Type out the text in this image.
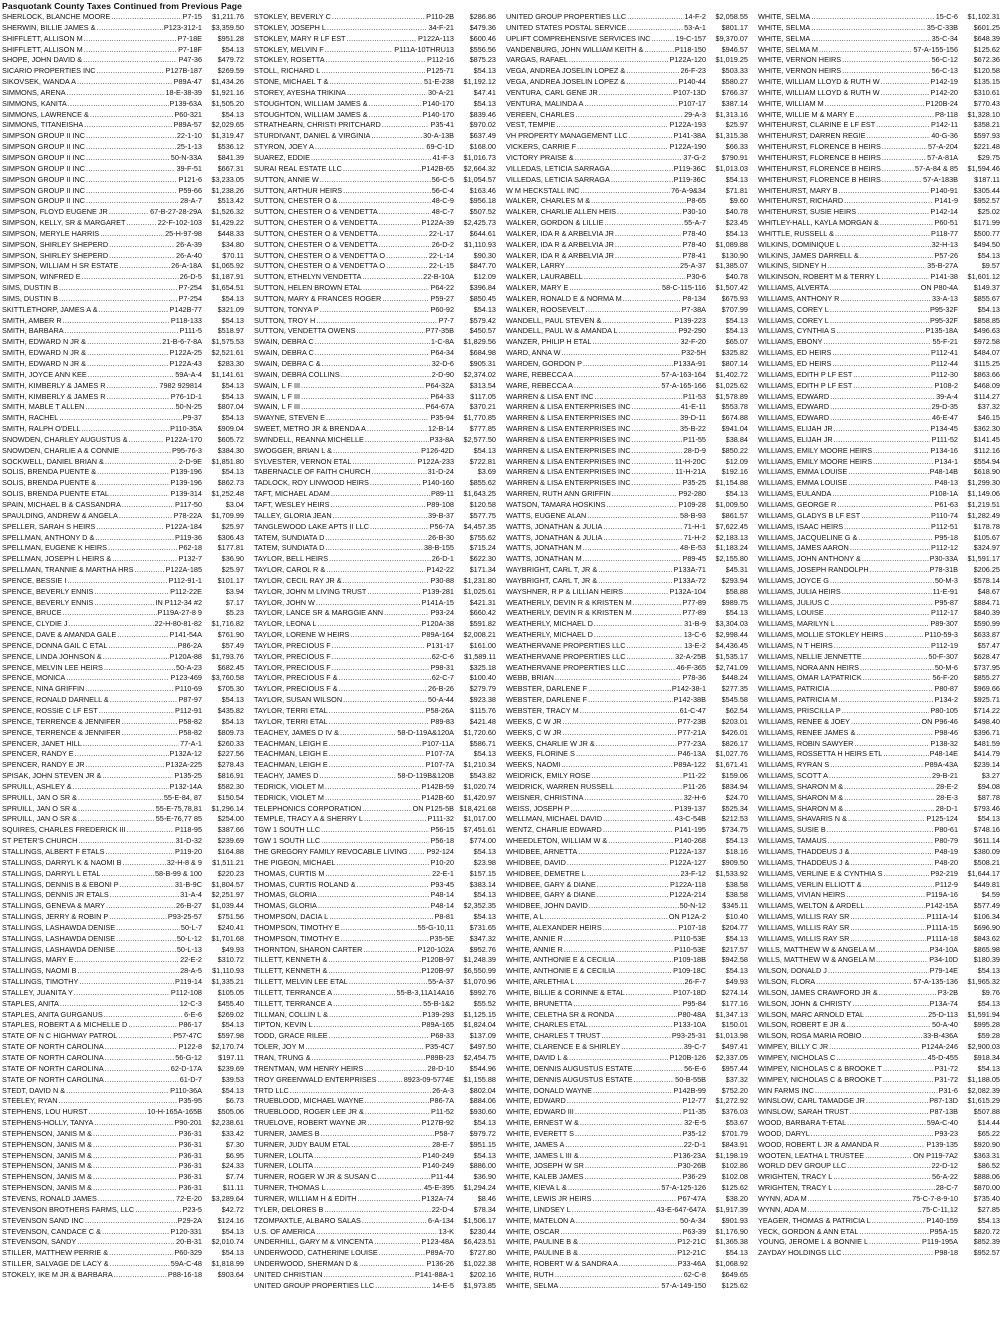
Pasquotank County Taxes Continued from Previous Page
SHERLOCK, BLANCHE MOORE .....	P7-15	$1,211.76
SHERWIN, BILLIE JAMES & .....	P123-312-1	$3,359.50
SHIFFLETT, ALLISON M .....	P7-18E	$951.28
SHIFFLETT, ALLISON M .....	P7-18F	$54.13
SHOPE, JOHN DAVID & .....	P47-36	$479.72
SICARIO PROPERTIES INC .....	P127B-187	$269.59
SIKOVSEK, WANDA A .....	P89A-47	$1,434.26
SIMMONS, ARENA .....	18-E-38-39	$1,921.16
SIMMONS, KANITA .....	P139-63A	$1,505.20
SIMMONS, LAWRENCE & .....	P60-321	$54.13
SIMMONS, TITANEISHA .....	P89A-57	$2,029.65
SIMPSON GROUP II INC .....	22-1-10	$1,319.47
SIMPSON GROUP II INC .....	25-1-13	$536.12
SIMPSON GROUP II INC .....	50-N-33A	$841.39
SIMPSON GROUP II INC .....	39-F-51	$667.31
SIMPSON GROUP II INC .....	P121-6	$3,233.05
SIMPSON GROUP II INC .....	P59-66	$1,238.26
SIMPSON GROUP II INC .....	28-A-7	$513.42
SIMPSON, FLOYD EUGENE JR .....	67-B-27-28-29A	$1,526.32
SIMPSON, KELLY, SR & MARGARET .....	22-F-102-103	$1,429.22
SIMPSON, MERYLE HARRIS .....	25-H-97-98	$448.33
SIMPSON, SHIRLEY SHEPERD .....	26-A-39	$34.80
SIMPSON, SHIRLEY SHEPERD .....	26-A-40	$70.11
SIMPSON, WILLIAM H SR ESTATE .....	26-A-18A	$1,065.92
SIMPSON, WINFRED E .....	26-D-5	$1,187.91
SIMS, DUSTIN B .....	P7-254	$1,654.51
SIMS, DUSTIN B .....	P7-254	$54.13
SKITTLETHORP, JAMES A & .....	P142B-77	$321.09
SMITH, AMBER R .....	P118-133	$54.13
SMITH, BARBARA .....	P111-5	$518.97
SMITH, EDWARD N JR & .....	21-B-6-7-8A	$1,575.53
SMITH, EDWARD N JR & .....	P122A-25	$2,521.61
SMITH, EDWARD N JR & .....	P122A-43	$283.30
SMITH, JOYCE ANN KEE .....	59A-A-4	$1,141.61
SMITH, KIMBERLY & JAMES R .....	7982 929814	$54.13
SMITH, KIMBERLY & JAMES R .....	P76-1D-1	$54.13
SMITH, MABLE T ALLEN .....	50-N-25	$807.04
SMITH, RACHEL .....	P9-37	$54.13
SMITH, RALPH O'DELL .....	P110-35A	$909.04
SNOWDEN, CHARLEY AUGUSTUS & .....	P122A-170	$605.72
SNOWDEN, CHARLIE A & CONNIE .....	P95-76-3	$384.30
SOCKWELL, DANIEL BRIAN & .....	2-D-9E	$1,851.80
SOLIS, BRENDA PUENTE & .....	P139-196	$54.13
SOLIS, BRENDA PUENTE & .....	P139-196	$862.73
SOLIS, BRENDA PUENTE ETAL .....	P139-314	$1,252.48
SPAIN, MICHAEL B & CASSANDRA .....	P117-50	$3.04
SPAULDING, ANDREW & ANGELA .....	P78-22A	$1,709.99
SPELLER, SARAH S HEIRS .....	P122A-184	$25.97
SPELLMAN, ANTHONY D & .....	P119-36	$306.43
SPELLMAN, EUGENE K HEIRS .....	P62-18	$177.81
SPELLMAN, JOSEPH L HEIRS & .....	P132-7	$36.90
SPELLMAN, TRANNIE & MARTHA HRS .....	P122A-185	$25.97
SPENCE, BESSIE I .....	P112-91-1	$101.17
SPENCE, BEVERLY ENNIS .....	P112-22E	$3.94
SPENCE, BEVERLY ENNIS .....	IN P112-34 #2	$7.17
SPENCE, BRUCE .....	P119A-27-8 9	$5.23
SPENCE, CLYDIE J .....	22-H-80-81-82	$1,716.82
SPENCE, DAVE & AMANDA GALE .....	P141-54A	$761.90
SPENCE, DONNA GAIL C ETAL .....	P86-2A	$57.49
SPENCE, LINDA JOHNSON & .....	P120A-88	$1,793.76
SPENCE, MELVIN LEE HEIRS .....	50-A-23	$682.45
SPENCE, MONICA .....	P123-469	$3,760.58
SPENCE, NINA GRIFFIN .....	P110-69	$705.30
SPENCE, RONALD DARNELL & .....	P87-97	$54.13
SPENCE, ROSSIE C LF EST .....	P112-91	$435.82
SPENCE, TERRENCE & JENNIFER .....	P58-82	$54.13
SPENCE, TERRENCE & JENNIFER .....	P58-82	$809.73
SPENCER, JANET HILL .....	77-A-1	$260.33
SPENCER, RANDY E .....	P132A-12	$227.56
SPENCER, RANDY E JR .....	P132A-225	$278.43
SPISAK, JOHN STEVEN JR & .....	P135-25	$816.91
SPRUILL, ASHLEY & .....	P132-14A	$582.30
SPRUILL, JAN O SR & .....	55-E-84, 87	$150.54
SPRUILL, JAN O SR & .....	55-E-75,78,81	$1,296.14
SPRUILL, JAN O SR & .....	55-E-76,77 85	$254.00
SQUIRES, CHARLES FREDERICK III .....	P118-95	$387.66
ST PETER'S CHURCH .....	31-D-32	$239.69
STALLINGS, ALBERT F ETALS .....	P119-20	$164.88
STALLINGS, DARRYL K & NAOMI B .....	32-H-8 & 9	$1,511.21
STALLINGS, DARRYL L ETAL .....	58-B-99 & 100	$220.23
STALLINGS, DENNIS B & EBONI P .....	31-B-9C	$1,804.57
STALLINGS, DENNIS JR ETALS .....	31-A-4	$2,251.97
STALLINGS, GENEVA & MARY .....	26-B-27	$1,039.44
STALLINGS, JERRY & ROBIN P .....	P93-25-57	$751.56
STALLINGS, LASHAWDA DENISE .....	50-L-7	$240.41
STALLINGS, LASHAWDA DENISE .....	50-L-12	$1,701.68
STALLINGS, LASHAWDA DENISE .....	50-L-13	$49.93
STALLINGS, MARY E .....	22-E-2	$310.72
STALLINGS, NAOMI B .....	28-A-5	$1,110.93
STALLINGS, TIMOTHY .....	P119-14	$1,335.21
STALLEY, JUANITA Y .....	P112-108	$105.05
STAPLES, ANITA .....	12-C-3	$455.40
STAPLES, ANITA GURGANUS .....	6-E-6	$269.02
STAPLES, ROBERT A & MICHELLE D .....	P86-17	$54.13
STATE OF N C HIGHWAY PATROL .....	P57-47C	$597.98
STATE OF NORTH CAROLINA .....	P122-8	$2,170.74
STATE OF NORTH CAROLINA .....	56-G-12	$197.11
STATE OF NORTH CAROLINA .....	62-D-17A	$239.69
STATE OF NORTH CAROLINA .....	61-D-7	$39.53
STEDT, DAVID N & .....	P110-36A	$54.13
STEELEY, RYAN .....	P35-95	$6.73
STEPHENS, LOU HURST .....	10-H-165A-165B	$505.06
STEPHENS-HOLLY, TANYA .....	P90-201	$2,238.61
STEPHENSON, JANIS M & .....	P36-31	$33.42
STEPHENSON, JANIS M & .....	P36-31	$7.30
STEPHENSON, JANIS M & .....	P36-31	$6.95
STEPHENSON, JANIS M & .....	P36-31	$24.33
STEPHENSON, JANIS M & .....	P36-31	$7.74
STEPHENSON, JANIS M & .....	P36-31	$11.11
STEVENS, RONALD JAMES .....	72-E-20	$3,289.64
STEVENSON BROTHERS FARMS, LLC .....	P23-5	$42.72
STEVENSON SAND INC .....	P29-2A	$124.16
STEVENSON, CANDACE C & .....	P120-331	$54.13
STEVENSON, SANDY .....	20-B-31	$2,010.74
STILLER, MATTHEW PERRIE & .....	P60-329	$54.13
STILLER, SALVAGE DE LACY & .....	59A-C-48	$1,818.99
STOKELY, IKE M JR & BARBARA .....	P88-16-18	$903.64
STOKLEY, BEVERLY C .....	P110-2B	$286.86
STOKLEY, JOSEPH L .....	34-F-21	$479.36
STOKLEY, MARY R LF EST .....	P122A-113	$600.46
STOKLEY, MELVIN F .....	P111A-10THRU13	$556.56
STOKLEY, ROSETTA .....	P112-16	$875.23
STOLL, RICHARD L .....	P125-71	$54.13
STONE, MICHAEL T & .....	51-E-238	$1,192.12
STOREY, AYESHA TRIKINA .....	30-A-21	$47.41
STOUGHTON, WILLIAM JAMES & .....	P140-170	$54.13
STOUGHTON, WILLIAM JAMES & .....	P140-170	$839.46
STRATHEARN, CHRISTI PRITCHARD .....	P35-41	$970.02
STURDIVANT, DANIEL & VIRGINIA .....	30-A-13B	$637.49
STYRON, JOEY A .....	69-C-1D	$168.00
SUAREZ, EDDIE .....	41-F-3	$1,016.73
SURAI REAL ESTATE LLC .....	P142B-65	$2,664.32
SUTTON, ANNIE W .....	56-C-5	$1,054.57
SUTTON, ARTHUR HEIRS .....	56-C-4	$163.46
SUTTON, CHESTER O & .....	48-C-9	$956.18
SUTTON, CHESTER O & VENDETTA .....	48-C-7	$507.52
SUTTON, CHESTER O & VENDETTA .....	P122A-39	$2,425.73
SUTTON, CHESTER O & VENDETTA .....	22-L-17	$644.61
SUTTON, CHESTER O & VENDETTA .....	26-D-2	$1,110.93
SUTTON, CHESTER O & VENDETTA O .....	22-L-14	$90.30
SUTTON, CHESTER O & VENDETTA O .....	22-L-15	$847.70
SUTTON, ETHELYN VENDETTA .....	22-B-10A	$12.09
SUTTON, HELEN BROWN ETAL .....	P64-22	$396.84
SUTTON, MARY & FRANCES ROGER .....	P59-27	$850.45
SUTTON, TONYA P .....	P60-92	$54.13
SUTTON, TROY H .....	P7-7	$579.42
SUTTON, VENDETTA OWENS .....	P77-35B	$450.57
SWAIN, DEBRA C .....	1-C-8A	$1,829.56
SWAIN, DEBRA C .....	P64-34	$684.98
SWAIN, DEBRA C & .....	32-D-6	$905.31
SWAIN, DEBRA COLLINS .....	2-D-90	$2,374.02
SWAIN, L F III .....	P64-32A	$313.54
SWAIN, L F III .....	P64-33	$117.05
SWAIN, L F III .....	P64-67A	$370.21
SWAYNE, STEVEN E .....	P35-94	$1,770.85
SWEET, METRO JR & BRENDA A .....	12-B-14	$777.85
SWINDELL, REANNA MICHELLE .....	P33-8A	$2,577.50
SWOGGER, BRIAN L & .....	P126-42D	$54.13
SYLVESTER, VERNON ETAL .....	P122A-233	$722.81
TABERNACLE OF FAITH CHURCH .....	31-D-24	$3.69
TADLOCK, ROY LINWOOD HEIRS .....	P140-160	$855.62
TAFT, MICHAEL ADAM .....	P89-11	$1,643.25
TAFT, WESLEY HEIRS .....	P89-108	$120.58
TALLEY, GLORIA JEAN .....	39-B-37	$577.75
TANGLEWOOD LAKE APTS II LLC .....	P56-7A	$4,457.35
TATEM, SUNDIATA D .....	26-B-30	$755.62
TATEM, SUNDIATA D .....	38-B-155	$715.24
TAYLOR, BELL HEIRS .....	26-D-1	$622.30
TAYLOR, CAROL R & .....	P142-22	$171.34
TAYLOR, CECIL RAY JR & .....	P30-88	$1,231.80
TAYLOR, JOHN M LIVING TRUST .....	P139-281	$1,025.61
TAYLOR, JOHN W .....	P141A-15	$421.31
TAYLOR, LANCE SR & MARGGIE ANN .....	P93-24	$660.42
TAYLOR, LEONA L .....	P120A-38	$591.82
TAYLOR, LORENE W HEIRS .....	P89A-164	$2,008.21
TAYLOR, PRECIOUS F .....	P131-17	$161.00
TAYLOR, PRECIOUS F .....	62-C-6	$1,589.11
TAYLOR, PRECIOUS F .....	P98-31	$325.18
TAYLOR, PRECIOUS F & .....	62-C-7	$100.40
TAYLOR, PRECIOUS F & .....	26-B-26	$279.79
TAYLOR, SUSAN WILSON .....	50-A-44	$923.38
TAYLOR, TERRI ETAL .....	P58-26A	$115.76
TAYLOR, TERRI ETAL .....	P89-83	$421.48
TEACHEY, JAMES D IV & .....	58-D-119A&120A	$1,720.60
TEACHMAN, LEIGH E .....	P107-11A	$586.71
TEACHMAN, LEIGH E .....	P107-7A	$54.13
TEACHMAN, LEIGH E .....	P107-7A	$1,210.34
TEACHY, JAMES D .....	58-D-119B&120B	$543.82
TEDRICK, VIOLET M .....	P142B-59	$1,020.74
TEDRICK, VIOLET M .....	P142B-60	$1,420.97
TELEPHONICS CORPORATION .....	ON P125-5B $18,421.68
TEMPLE, TRACY A & SHERRY L .....	P111-32	$1,017.00
TGW 1 SOUTH LLC .....	P56-15	$7,451.61
TGW 1 SOUTH LLC .....	P56-18	$774.00
THE GREGORY FAMILY REVOCABLE LIVING .....	P92-124	$54.13
THE PIGEON, MICHAEL .....	P10-20	$23.98
THOMAS, CURTIS M .....	22-E-1	$157.15
THOMAS, CURTIS ROLAND & .....	P93-45	$383.14
THOMAS, GLORIA .....	P48-14	$54.13
THOMAS, GLORIA .....	P48-14	$2,352.35
THOMPSON, DACIA L .....	P8-81	$54.13
THOMPSON, TIMOTHY E .....	55-G-10,11	$731.65
THOMPSON, TIMOTHY E .....	P35-5E	$347.32
THORNTON, SHARON CARTER .....	P120-102A	$952.76
TILLETT, KENNETH & .....	P120B-97	$1,248.39
TILLETT, KENNETH & .....	P120B-97	$6,550.99
TILLETT, MELVIN LEE ETAL .....	55-A-37	$1,070.96
TILLETT, TERRANCE A .....	55-B-3,11A14A16	$992.76
TILLETT, TERRANCE A .....	55-B-1&2	$55.52
TILLMAN, COLLIN L & .....	P139-293	$1,125.15
TIPTON, KEVIN L .....	P89A-165	$1,824.04
TODD, GRACE RILEE .....	P68-33	$137.09
TOLER, JOY M .....	P35-4C7	$497.50
TRAN, TRUNG & .....	P89B-23	$2,454.75
TRENTMAN, WM HENRY HEIRS .....	28-D-10	$544.96
TROY GREENWALD ENTERPRISES .....	8923-09-5774E	$1,155.88
TRTD LLC .....	26-A-3	$802.04
TRUEBLOOD, MICHAEL WAYNE .....	P86-7A	$884.06
TRUEBLOOD, ROGER LEE JR & .....	P11-52	$930.60
TRUELOVE, ROBERT WAYNE JR .....	P127B-92	$54.13
TURNER, JAMES B .....	P58-7	$979.72
TURNER, JUDY BAUM ETAL .....	28-E-7	$951.15
TURNER, LOLITA .....	P140-249	$54.13
TURNER, LOLITA .....	P140-249	$886.00
TURNER, ROGER W JR & SUSAN C .....	P11-44	$36.90
TURNER, THOMAS L .....	45-E-395	$1,294.24
TURNER, WILLIAM H & EDITH .....	P132A-74	$8.46
TYLER, DELORES B .....	22-D-4	$78.34
TZOMPAXTLE, ALBARO SALAS .....	6-A-134	$1,506.17
U.S. OF AMERICA .....	13-K	$230.44
UNDERHILL, GARY M & VINCENTA .....	P123-48A	$6,423.51
UNDERWOOD, CATHERINE LOUISE .....	P89A-70	$727.80
UNDERWOOD, SHERMAN D & .....	P136-26	$1,022.38
UNITED CHRISTIAN .....	P141-88A-1	$202.16
UNITED GROUP PROPERTIES LLC .....	14-E-5	$1,973.85
UNITED GROUP PROPERTIES LLC .....	14-F-2	$2,058.55
UNITED STATES POSTAL SERVICE .....	53-A-1	$801.17
UPLIFT COMPREHENSIVE SERVICES INC .....	19-C-157	$9,370.07
VANDENBURG, JOHN WILLIAM KEITH & .....	P118-150	$946.57
VARGAS, RAFAEL .....	P122A-120	$1,019.25
VEGA, ANDREA JOSELIN LOPEZ & .....	26-F-23	$503.33
VEGA, ANDREA JOSELIN LOPEZ & .....	P140-44	$580.27
VENTURA, CARL GENE JR .....	P107-13D	$766.37
VENTURA, MALINDA A .....	P107-17	$387.14
VEREEN, CHARLES .....	29-A-3	$1,313.16
VEST, TEMPIE .....	P122A-193	$25.97
VH PROPERTY MANAGEMENT LLC .....	P141-38A	$1,315.38
VICKERS, CARRIE F .....	P122A-190	$66.33
VICTORY PRAISE & .....	37-G-2	$790.91
VILLEDAS, LETICIA SARRAGA .....	P119-36C	$1,013.03
VILLEDAS, LETICIA SARRAGA .....	P119-36C	$54.13
W M HECKSTALL INC .....	76-A-9&34	$71.81
WALKER, CHARLES M & .....	P8-65	$9.60
WALKER, CHARLIE ALLEN HEIS .....	P30-10	$40.78
WALKER, GORDON & LILLIE .....	55-A-7	$23.45
WALKER, IDA R & ARBELVIA JR .....	P78-40	$54.13
WALKER, IDA R & ARBELVIA JR .....	P78-40	$1,089.88
WALKER, IDA R & ARBELVIA JR .....	P78-41	$130.90
WALKER, LARRY .....	25-A-37	$1,385.07
WALKER, LAURABELL .....	P30-6	$40.78
WALKER, MARY E .....	58-C-115-116	$1,507.42
WALKER, RONALD E & NORMA M .....	P8-134	$675.93
WALKER, ROOSEVELT .....	P7-38A	$707.99
WANDELL, PAUL STEVEN & .....	P139-223	$54.13
WANDELL, PAUL W & AMANDA L .....	P92-290	$54.13
WANZER, PHILIP H ETAL .....	32-F-20	$65.07
WARD, ANNA W .....	P32-5H	$325.82
WARDEN, GORDON P .....	P133A-91	$807.14
WARE, REBECCA A .....	57-A-163-164	$1,402.72
WARE, REBECCA A .....	57-A-165-166	$1,025.62
WARREN & LISA ENT INC .....	P11-53	$1,578.89
WARREN & LISA ENTERPRISES INC .....	41-E-11	$553.78
WARREN & LISA ENTERPRISES INC .....	39-D-11	$674.88
WARREN & LISA ENTERPRISES INC .....	35-B-22	$941.04
WARREN & LISA ENTERPRISES INC .....	P11-55	$38.84
WARREN & LISA ENTERPRISES INC .....	28-D-9	$850.22
WARREN & LISA ENTERPRISES INC .....	11-H-20C	$12.09
WARREN & LISA ENTERPRISES INC .....	11-H-21A	$192.16
WARREN & LISA ENTERPRISES INC .....	P35-25	$1,154.88
WARREN, RUTH ANN GRIFFIN .....	P92-280	$54.13
WATSON, TAMARA HOSKINS .....	P109-28	$1,009.50
WATTS, EUGENE ALAN .....	58-B-93	$861.57
WATTS, JONATHAN & JULIA .....	71-H-1	$7,622.45
WATTS, JONATHAN & JULIA .....	71-H-2	$2,183.13
WATTS, JONATHAN M .....	48-E-53	$1,183.24
WATTS, JONATHAN M .....	P89-45	$2,155.80
WAYBRIGHT, CARL T, JR & .....	P133A-71	$45.31
WAYBRIGHT, CARL T, JR & .....	P133A-72	$293.94
WAYSHNER, R P & LILLIAN HEIRS .....	P132A-104	$58.88
WEATHERLY, DEVIN R & KRISTEN M .....	P77-89	$989.75
WEATHERLY, DEVIN R & KRISTEN M .....	P77-89	$54.13
WEATHERLY, MICHAEL D .....	31-B-9	$3,304.03
WEATHERLY, MICHAEL D .....	13-C-6	$2,998.44
WEATHERVANE PROPERTIES LLC .....	13-E-2	$4,436.45
WEATHERVANE PROPERTIES LLC .....	32-A-25B	$1,535.17
WEATHERVANE PROPERTIES LLC .....	46-F-365	$2,741.09
WEBB, BRIAN .....	P78-36	$448.24
WEBSTER, DARLENE F .....	P142-38-1	$277.35
WEBSTER, DARLENE F .....	P142-38B	$545.58
WEBSTER, TRACY M .....	61-C-47	$62.54
WEEKS, C W JR .....	P77-23B	$203.01
WEEKS, C W JR .....	P77-21A	$426.01
WEEKS, CHARLIE W JR & .....	P77-23A	$826.17
WEEKS, FLORINE S .....	P46-13A	$1,027.76
WEEKS, NAOMI .....	P89A-122	$1,671.41
WEIDRICK, EMILY ROSE .....	P11-22	$159.06
WEIDRICK, WARREN RUSSELL .....	P11-26	$834.94
WEISNER, CHRISTINA .....	32-H-6	$24.70
WEISS, JOSEPH P .....	P139-137	$525.34
WELLMAN, MICHAEL DAVID .....	43-C-54B	$212.53
WENTZ, CHARLIE EDWARD .....	P141-195	$734.75
WHEEDLETON, WILLIAM W & .....	P140-268	$54.13
WHIDBEE, ARNETTA .....	P122A-137	$18.16
WHIDBEE, DAVID .....	P122A-127	$909.50
WHIDBEE, DEMETRE L .....	23-F-12	$1,533.92
WHIDBEE, GARY & DIANE .....	P122A-118	$38.58
WHIDBEE, GARY & DIANE .....	P122A-214	$38.58
WHIDBEE, JOHN DAVID .....	50-N-12	$345.11
WHITE, A L .....	ON P12A-2	$10.40
WHITE, ALEXANDER HEIRS .....	P107-18	$204.77
WHITE, ANNIE R .....	P110-53E	$54.13
WHITE, ANNIE R .....	P110-53E	$217.57
WHITE, ANTHONIE E & CECILIA .....	P109-18B	$942.58
WHITE, ANTHONIE E & CECILIA .....	P109-18C	$54.13
WHITE, ARLETHIA L .....	26-F-7	$49.93
WHITE, BILLIE & CORINNE & ETAL .....	P107-18D	$274.14
WHITE, BRUNETTA .....	P95-84	$177.16
WHITE, CELETHA SR & RONDA .....	P80-48A	$1,347.13
WHITE, CHARLES ETAL .....	P133-10A	$150.01
WHITE, CHARLES T TRUST .....	P93-25-31	$1,013.98
WHITE, CLARENCE E & SHIRLEY .....	39-C-7	$497.41
WHITE, DAVID L & .....	P120B-126	$2,337.05
WHITE, DENNIS AUGUSTUS ESTATE .....	56-E-6	$957.44
WHITE, DENNIS AUGUSTUS ESTATE .....	50-B-55B	$37.32
WHITE, DONALD WAYNE .....	P142B-99	$752.20
WHITE, EDWARD .....	P12-77	$1,272.92
WHITE, EDWARD III .....	P11-35	$376.03
WHITE, ERNEST W & .....	32-E-5	$53.67
WHITE, EVERETT S .....	P35-12	$701.79
WHITE, JAMES A .....	22-D-1	$843.91
WHITE, JAMES L III & .....	P136-23A	$1,198.19
WHITE, JOSEPH W SR .....	P30-26B	$102.86
WHITE, KALEB JAMES .....	P36-29	$102.08
WHITE, KIEVA L & .....	57-A-125-126	$125.62
WHITE, LEWIS JR HEIRS .....	P67-47A	$38.20
WHITE, LINDSEY L .....	43-E-647-647A	$1,917.39
WHITE, MATELON A .....	50-A-34	$901.93
WHITE, OSCAR .....	P63-39	$1,176.90
WHITE, PAULINE B & .....	P12-21C	$1,365.38
WHITE, PAULINE B & .....	P12-21C	$54.13
WHITE, ROBERT W & SANDRA A .....	P33-46A	$1,068.92
WHITE, RUTH .....	62-C-8	$649.65
WHITE, SELMA .....	57-A-149-150	$125.62
WHITE, SELMA .....	15-C-6	$1,102.31
WHITE, SELMA .....	35-C-33B	$601.25
WHITE, SELMA .....	35-C-34	$648.39
WHITE, SELMA M .....	57-A-155-156	$125.62
WHITE, VERNON HEIRS .....	56-C-12	$672.36
WHITE, VERNON HEIRS .....	56-C-13	$120.58
WHITE, WILLIAM LLOYD & RUTH W .....	P142-19	$135.15
WHITE, WILLIAM LLOYD & RUTH W .....	P142-20	$310.61
WHITE, WILLIAM M .....	P120B-24	$770.43
WHITE, WILLIE M & MARY E .....	P8-118	$1,328.10
WHITEHURST, CLARINE E LF EST .....	P142-11	$358.21
WHITEHURST, DARREN REGIE .....	40-G-36	$597.93
WHITEHURST, FLORENCE B HEIRS .....	57-A-204	$221.48
WHITEHURST, FLORENCE B HEIRS .....	57-A-81A	$29.75
WHITEHURST, FLORENCE B HEIRS .....	57-A-84 & 85	$1,594.46
WHITEHURST, FLORENCE B HEIRS .....	57-A-183B	$187.11
WHITEHURST, MARY B .....	P140-91	$305.44
WHITEHURST, RICHARD .....	P141-9	$952.57
WHITEHURST, SUSIE HEIRS .....	P142-14	$25.02
WHITLEY-HALL, KAYLA MORGAN & .....	P60-51	$171.99
WHITTLE, RUSSELL & .....	P118-77	$500.77
WILKINS, DOMINIQUE L .....	32-H-13	$494.50
WILKINS, JAMES DARRELL & .....	P57-26	$54.13
WILKINS, SIDNEY H .....	35-B-27A	$9.57
WILKINSON, ROBERT M & TERRY L .....	P141-38	$1,601.12
WILLIAMS, ALVERTA .....	ON P80-4A	$149.37
WILLIAMS, ANTHONY R .....	33-A-13	$855.67
WILLIAMS, COREY L .....	P95-32F	$54.13
WILLIAMS, COREY L .....	P95-32F	$858.85
WILLIAMS, CYNTHIA S .....	P135-18A	$496.63
WILLIAMS, EBONY .....	55-F-21	$972.58
WILLIAMS, ED HEIRS .....	P112-41	$484.07
WILLIAMS, ED HEIRS .....	P112-44	$115.25
WILLIAMS, EDITH P LF EST .....	P112-30	$863.66
WILLIAMS, EDITH P LF EST .....	P108-2	$468.09
WILLIAMS, EDWARD .....	39-A-4	$114.27
WILLIAMS, EDWARD .....	29-D-35	$37.32
WILLIAMS, EDWARD .....	46-E-47	$46.15
WILLIAMS, ELIJAH JR .....	P134-45	$362.30
WILLIAMS, ELIJAH JR .....	P111-52	$141.45
WILLIAMS, EMILY MOORE HEIRS .....	P134-16	$112.16
WILLIAMS, EMILY MOORE HEIRS .....	P134-1	$554.94
WILLIAMS, EMMA LOUISE .....	P48-14B	$618.90
WILLIAMS, EMMA LOUISE .....	P48-13	$1,299.30
WILLIAMS, EULANDA .....	P108-1A	$1,149.06
WILLIAMS, GEORGE R .....	P61-63	$1,219.51
WILLIAMS, GLADYS B LF EST .....	P110-74	$1,282.49
WILLIAMS, ISAAC HEIRS .....	P112-51	$178.78
WILLIAMS, JACQUELINE G & .....	P95-18	$105.67
WILLIAMS, JAMES AARON .....	P112-12	$324.97
WILLIAMS, JOHN ANTHONY & .....	P30-33A	$1,591.17
WILLIAMS, JOSEPH RANDOLPH .....	P78-31B	$206.25
WILLIAMS, JOYCE G .....	50-M-3	$578.14
WILLIAMS, JULIA HEIRS .....	11-E-91	$48.67
WILLIAMS, JULIUS C .....	P95-87	$884.71
WILLIAMS, LOUISE .....	P112-17	$840.39
WILLIAMS, MARILYN L .....	P89-307	$590.99
WILLIAMS, MOLLIE STOKLEY HEIRS .....	P110-59-3	$633.87
WILLIAMS, N T HEIRS .....	P112-19	$57.47
WILLIAMS, NELLIE JENNETTE .....	50-F-307	$628.47
WILLIAMS, NORA ANN HEIRS .....	50-M-6	$737.95
WILLIAMS, OMAR LA'PATRICK .....	56-F-20	$855.27
WILLIAMS, PATRICIA .....	P80-87	$969.66
WILLIAMS, PATRICIA M .....	P134-2	$925.71
WILLIAMS, PRISCILLA P .....	P80-105	$714.22
WILLIAMS, RENEE & JOEY .....	ON P96-46	$498.40
WILLIAMS, RENEE JAMES & .....	P98-46	$396.71
WILLIAMS, ROBIN SAWYER .....	P138-32	$481.59
WILLIAMS, ROSSETTA H HEIRS ETL .....	P48-14E	$414.79
WILLIAMS, RYRAN S .....	P89A-43A	$239.14
WILLIAMS, SCOTT A .....	29-B-21	$3.27
WILLIAMS, SHARON M & .....	28-E-2	$94.08
WILLIAMS, SHARON M & .....	28-E-3	$87.78
WILLIAMS, SHARON M & .....	28-D-1	$793.46
WILLIAMS, SHAVARIS N & .....	P125-124	$54.13
WILLIAMS, SUSIE B .....	P80-61	$748.16
WILLIAMS, TAMAUS .....	P80-79	$611.14
WILLIAMS, THADDEUS J & .....	P48-19	$380.09
WILLIAMS, THADDEUS J & .....	P48-20	$508.21
WILLIAMS, VERLINE E & CYNTHIA S .....	P92-219	$1,644.17
WILLIAMS, VERLIN ELLIOTT & .....	P112-9	$449.81
WILLIAMS, VIVIAN HEIRS .....	P119A-16	$4.59
WILLIAMS, WELTON & ARDELL .....	P142-15A	$577.49
WILLIAMS, WILLIS RAY SR .....	P111A-14	$106.34
WILLIAMS, WILLIS RAY SR .....	P111A-15	$696.90
WILLIAMS, WILLIS RAY SR .....	P111A-18	$843.62
WILLS, MATTHEW W & ANGELA M .....	P34-10A	$865.98
WILLS, MATTHEW W & ANGELA M .....	P34-10D	$180.39
WILSON, DONALD J .....	P79-14E	$54.13
WILSON, FLORA .....	57-A-135-136	$1,965.32
WILSON, JAMES CRAWFORD JR & .....	P3-2B	$9.76
WILSON, JOHN & CHRISTY .....	P13A-74	$54.13
WILSON, MARC ARNOLD ETAL .....	25-D-113	$1,591.94
WILSON, ROBERT E JR & .....	50-A-40	$995.28
WILSON, ROSA MARIA ROBIO .....	33-B-436A	$59.28
WIMPEY, BILLY C JR .....	P124A-246	$2,900.03
WIMPEY, NICHOLAS C .....	45-D-455	$918.34
WIMPEY, NICHOLAS C & BROOKE T .....	P31-72	$54.13
WIMPEY, NICHOLAS C & BROOKE T .....	P31-72	$1,188.05
WIN FARMS INC .....	P31-6	$2,082.39
WINSLOW, CARL TAMADGE JR .....	P87-13D	$1,615.29
WINSLOW, SARAH TRUST .....	P87-13B	$507.88
WOOD, BARBARA T-ETAL .....	59A-C-40	$14.44
WOOD, DARYL .....	P93-23	$65.22
WOOD, ROBERT L JR & AMANDA R .....	P139-135	$920.90
WOOTEN, LEATHA L TRUSTEE .....	ON P119-7A2	$363.31
WORLD DEV GROUP LLC .....	22-D-12	$86.52
WRIGHTEN, TRACY L .....	56-A-22	$888.06
WRIGHTEN, TRACY L .....	28-C-7	$870.00
WYNN, ADA M .....	75-C-7-8-9-10	$735.40
WYNN, ADA M .....	75-C-11,12	$27.85
YEAGER, THOMAS & PATRICIA L .....	P140-159	$54.13
YECK, GORDON & ANN ETAL .....	P95A-15	$820.72
YOUNG, JEROME L & BONNIE L .....	P119-195A	$852.39
ZAYDAY HOLDINGS LLC .....	P98-18	$952.57
